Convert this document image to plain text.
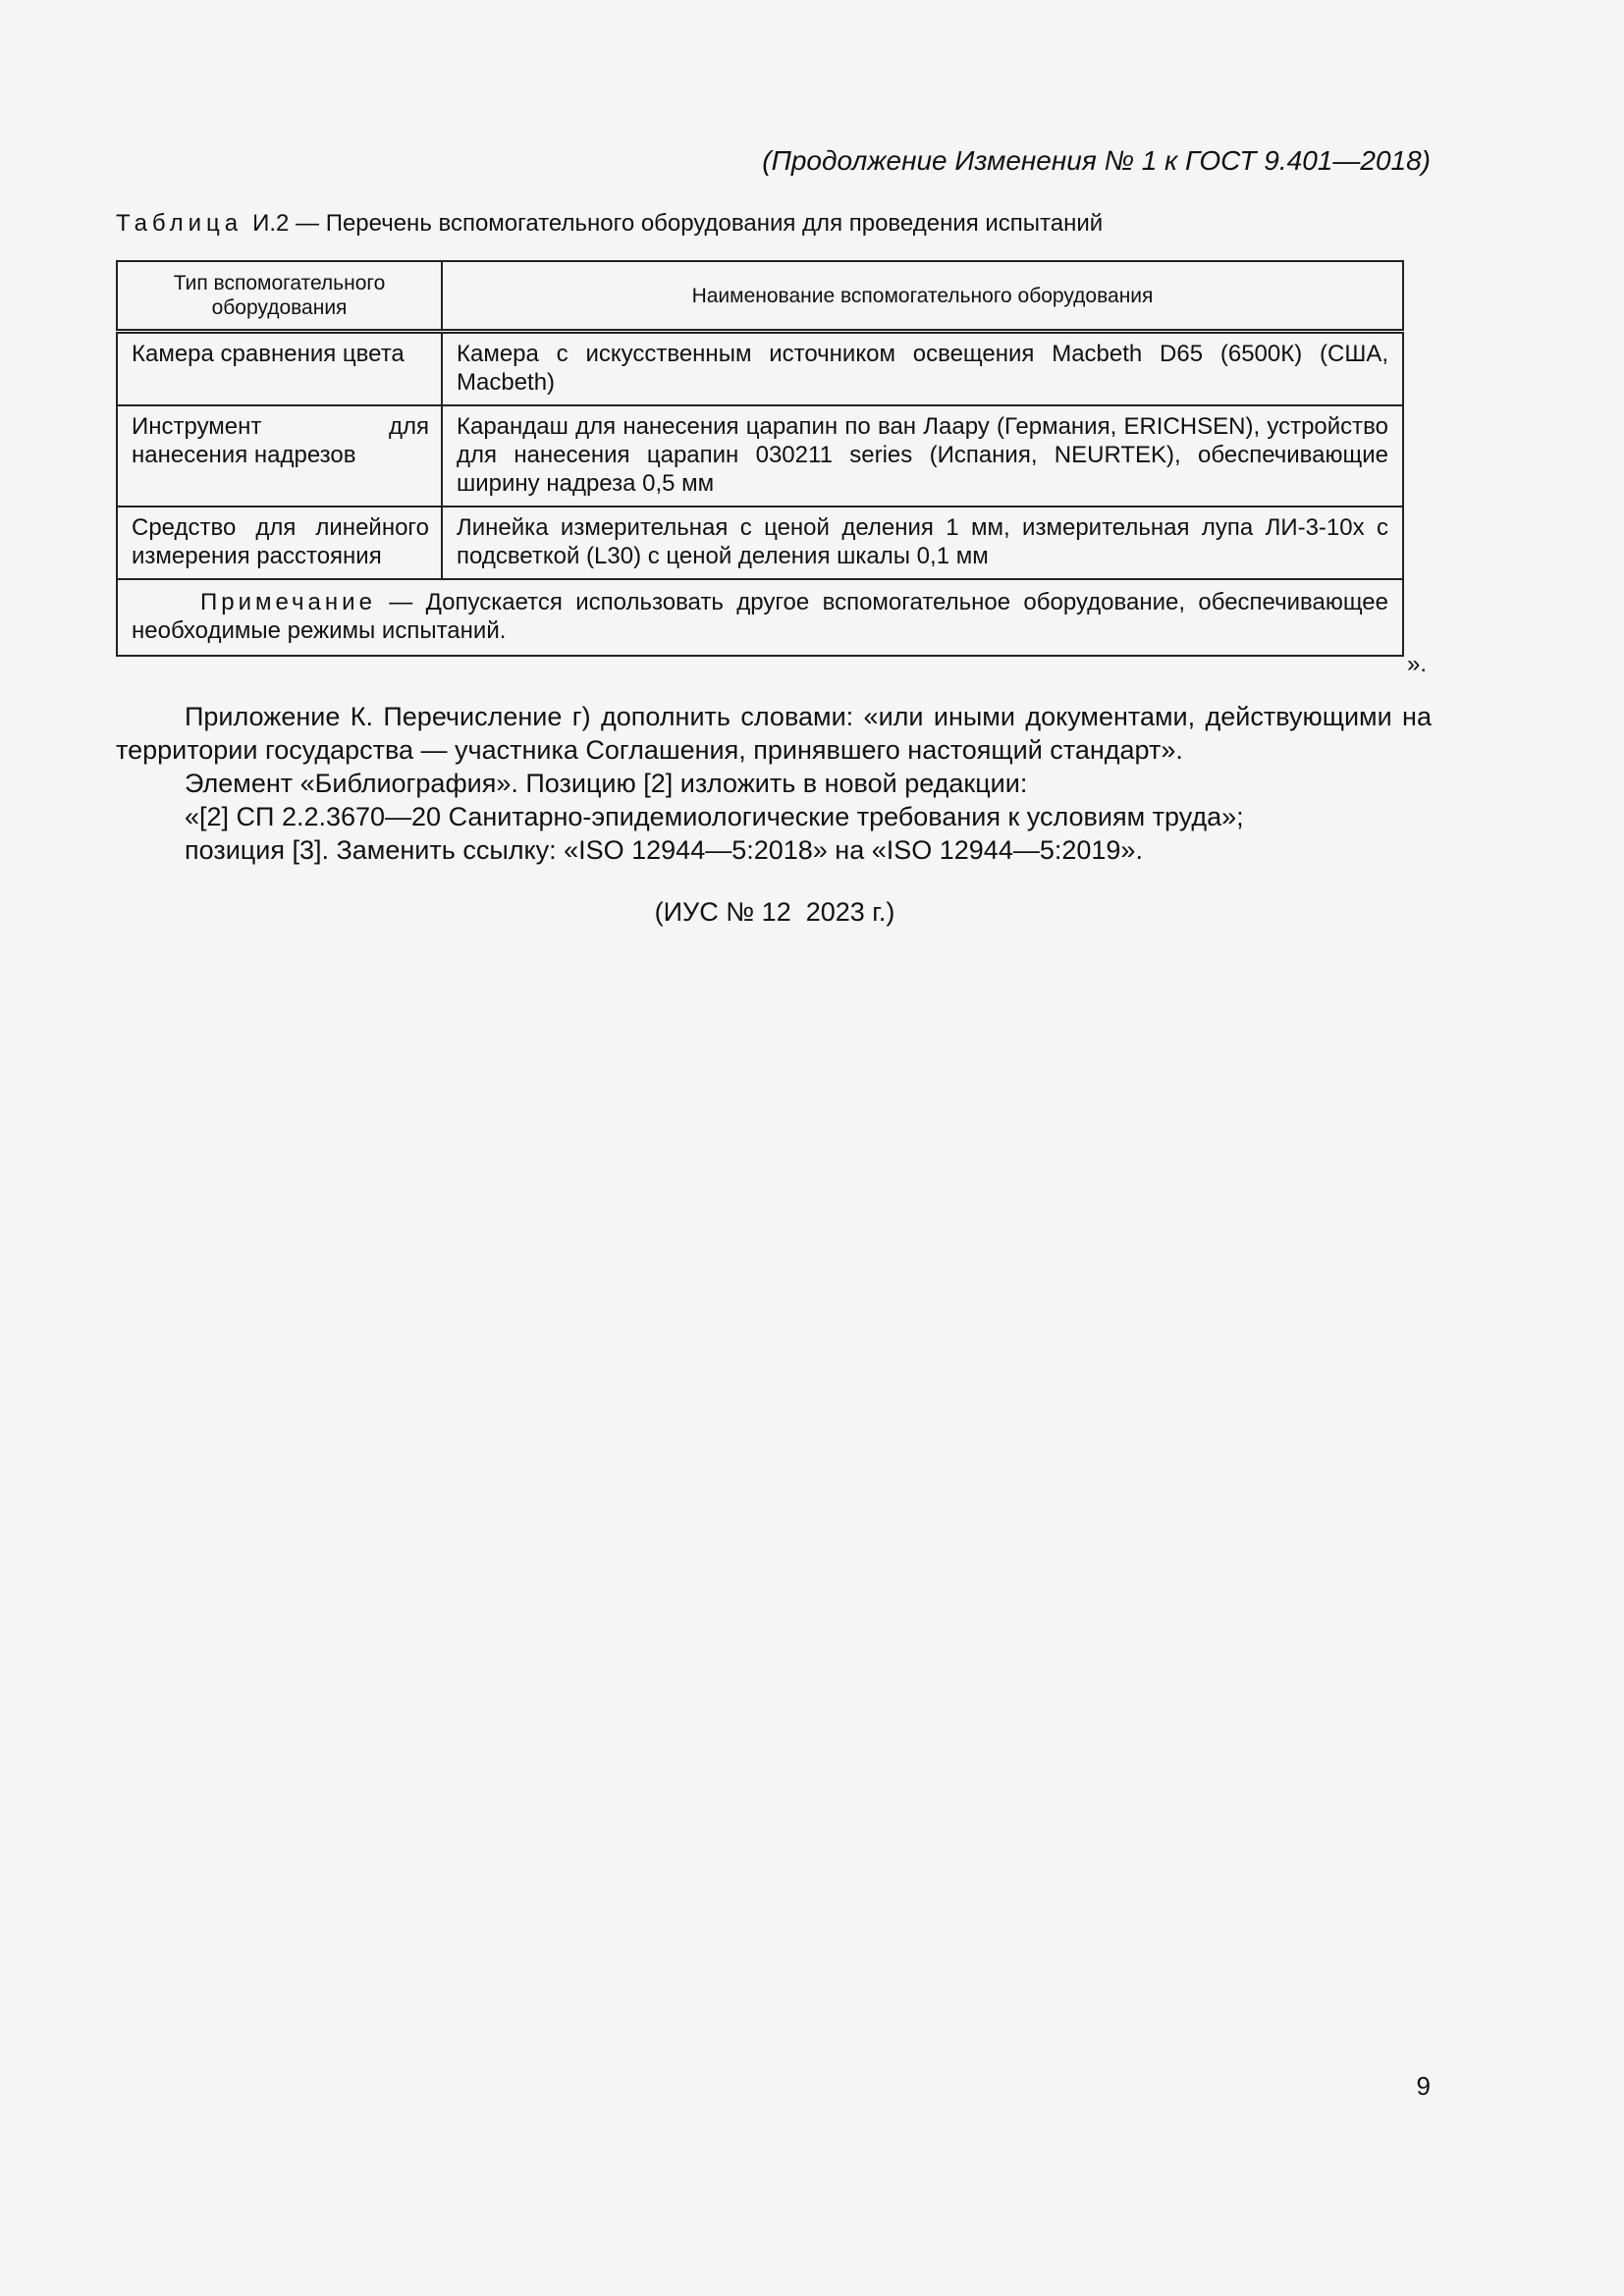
(Продолжение Изменения № 1 к ГОСТ 9.401—2018)
Таблица И.2 — Перечень вспомогательного оборудования для проведения испытаний
Тип вспомогательного оборудования	Наименование вспомогательного оборудования
Камера сравнения цвета	Камера с искусственным источником освещения Macbeth D65 (6500К) (США, Macbeth)
Инструмент для нанесения надрезов	Карандаш для нанесения царапин по ван Лаару (Германия, ERICHSEN), устройство для нанесения царапин 030211 series (Испания, NEURTEK), обеспечивающие ширину надреза 0,5 мм
Средство для линейного измерения расстояния	Линейка измерительная с ценой деления 1 мм, измерительная лупа ЛИ-3-10х с подсветкой (L30) с ценой деления шкалы 0,1 мм
Примечание — Допускается использовать другое вспомогательное оборудование, обеспечивающее необходимые режимы испытаний.	
».

Приложение К. Перечисление г) дополнить словами: «или иными документами, действующими на территории государства — участника Соглашения, принявшего настоящий стандарт».

Элемент «Библиография». Позицию [2] изложить в новой редакции:

«[2] СП 2.2.3670—20 Санитарно-эпидемиологические требования к условиям труда»;

позиция [3]. Заменить ссылку: «ISO 12944—5:2018» на «ISO 12944—5:2019».

(ИУС № 12  2023 г.)
9
